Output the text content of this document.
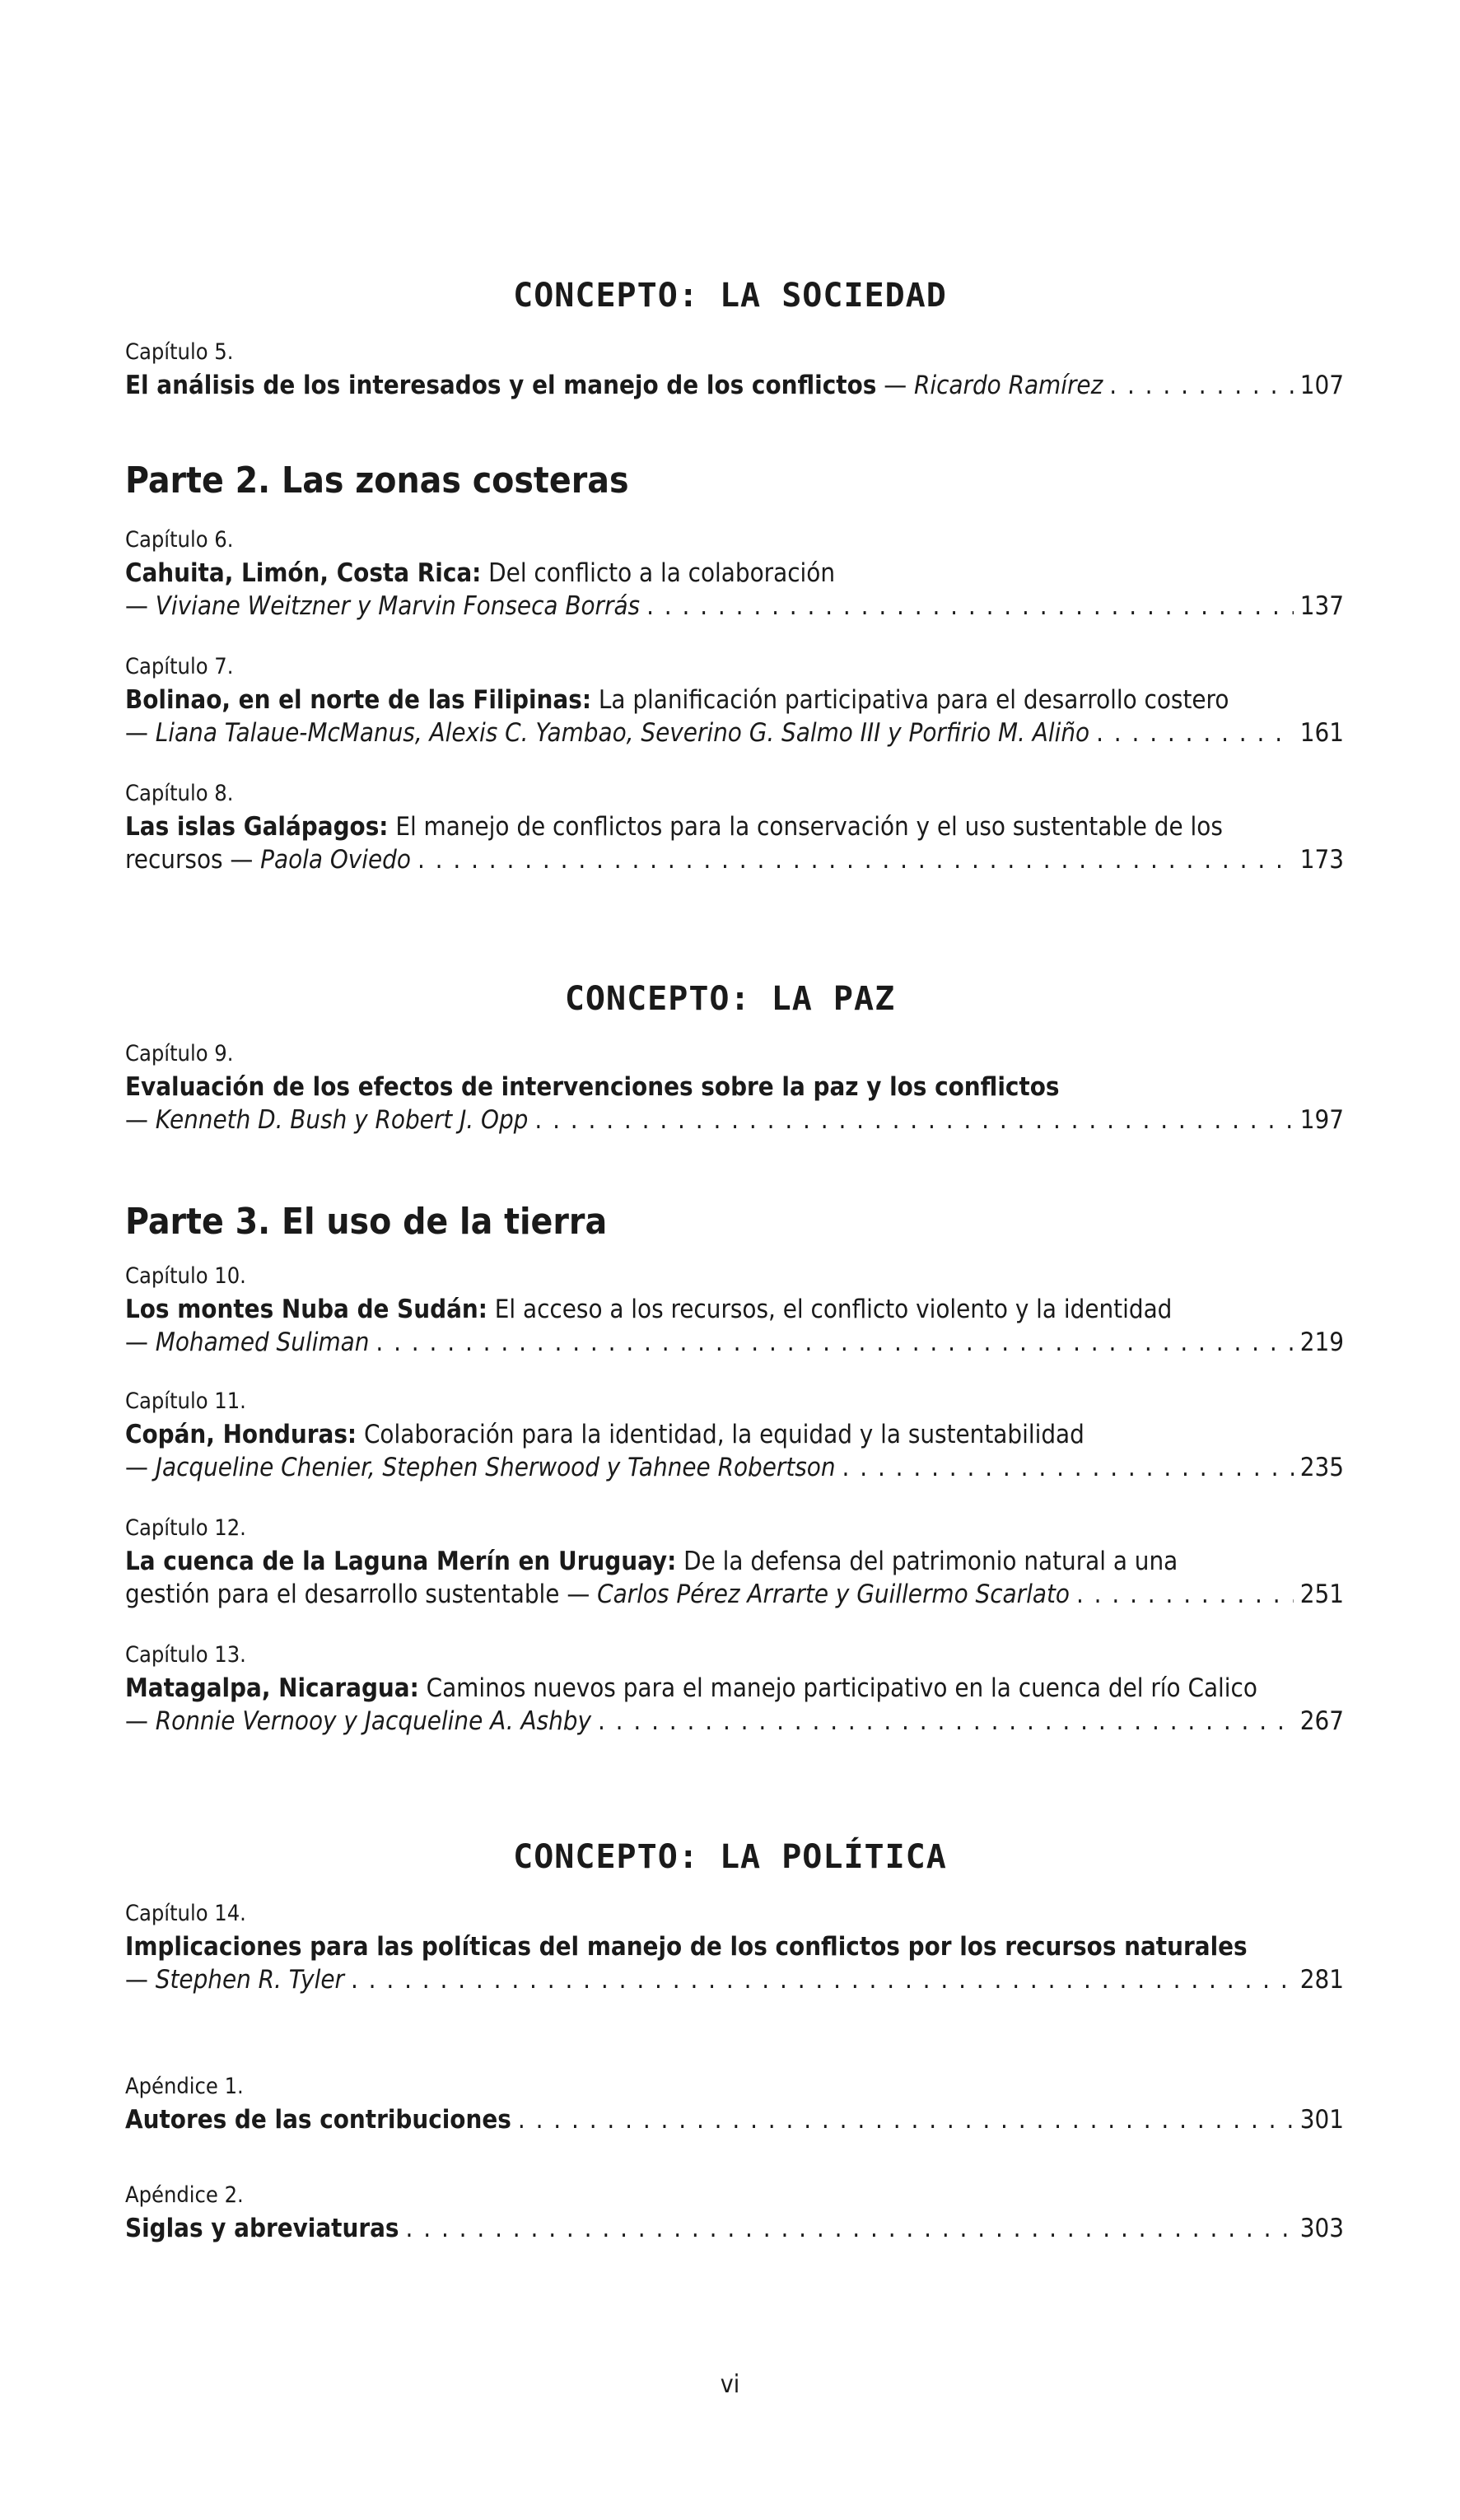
CONCEPTO: LA SOCIEDAD
Capítulo 5.
El análisis de los interesados y el manejo de los conflictos — Ricardo Ramírez . . .	107
Parte 2. Las zonas costeras
Capítulo 6.
Cahuita, Limón, Costa Rica: Del conflicto a la colaboración
— Viviane Weitzner y Marvin Fonseca Borrás . . .	137
Capítulo 7.
Bolinao, en el norte de las Filipinas: La planificación participativa para el desarrollo costero
— Liana Talaue-McManus, Alexis C. Yambao, Severino G. Salmo III y Porfirio M. Aliño . . .	161
Capítulo 8.
Las islas Galápagos: El manejo de conflictos para la conservación y el uso sustentable de los
recursos — Paola Oviedo . . .	173
CONCEPTO: LA PAZ
Capítulo 9.
Evaluación de los efectos de intervenciones sobre la paz y los conflictos
— Kenneth D. Bush y Robert J. Opp . . .	197
Parte 3. El uso de la tierra
Capítulo 10.
Los montes Nuba de Sudán: El acceso a los recursos, el conflicto violento y la identidad
— Mohamed Suliman . . .	219
Capítulo 11.
Copán, Honduras: Colaboración para la identidad, la equidad y la sustentabilidad
— Jacqueline Chenier, Stephen Sherwood y Tahnee Robertson . . .	235
Capítulo 12.
La cuenca de la Laguna Merín en Uruguay: De la defensa del patrimonio natural a una
gestión para el desarrollo sustentable — Carlos Pérez Arrarte y Guillermo Scarlato . . .	251
Capítulo 13.
Matagalpa, Nicaragua: Caminos nuevos para el manejo participativo en la cuenca del río Calico
— Ronnie Vernooy y Jacqueline A. Ashby . . .	267
CONCEPTO: LA POLÍTICA
Capítulo 14.
Implicaciones para las políticas del manejo de los conflictos por los recursos naturales
— Stephen R. Tyler . . .	281
Apéndice 1.
Autores de las contribuciones . . .	301
Apéndice 2.
Siglas y abreviaturas . . .	303
vi
